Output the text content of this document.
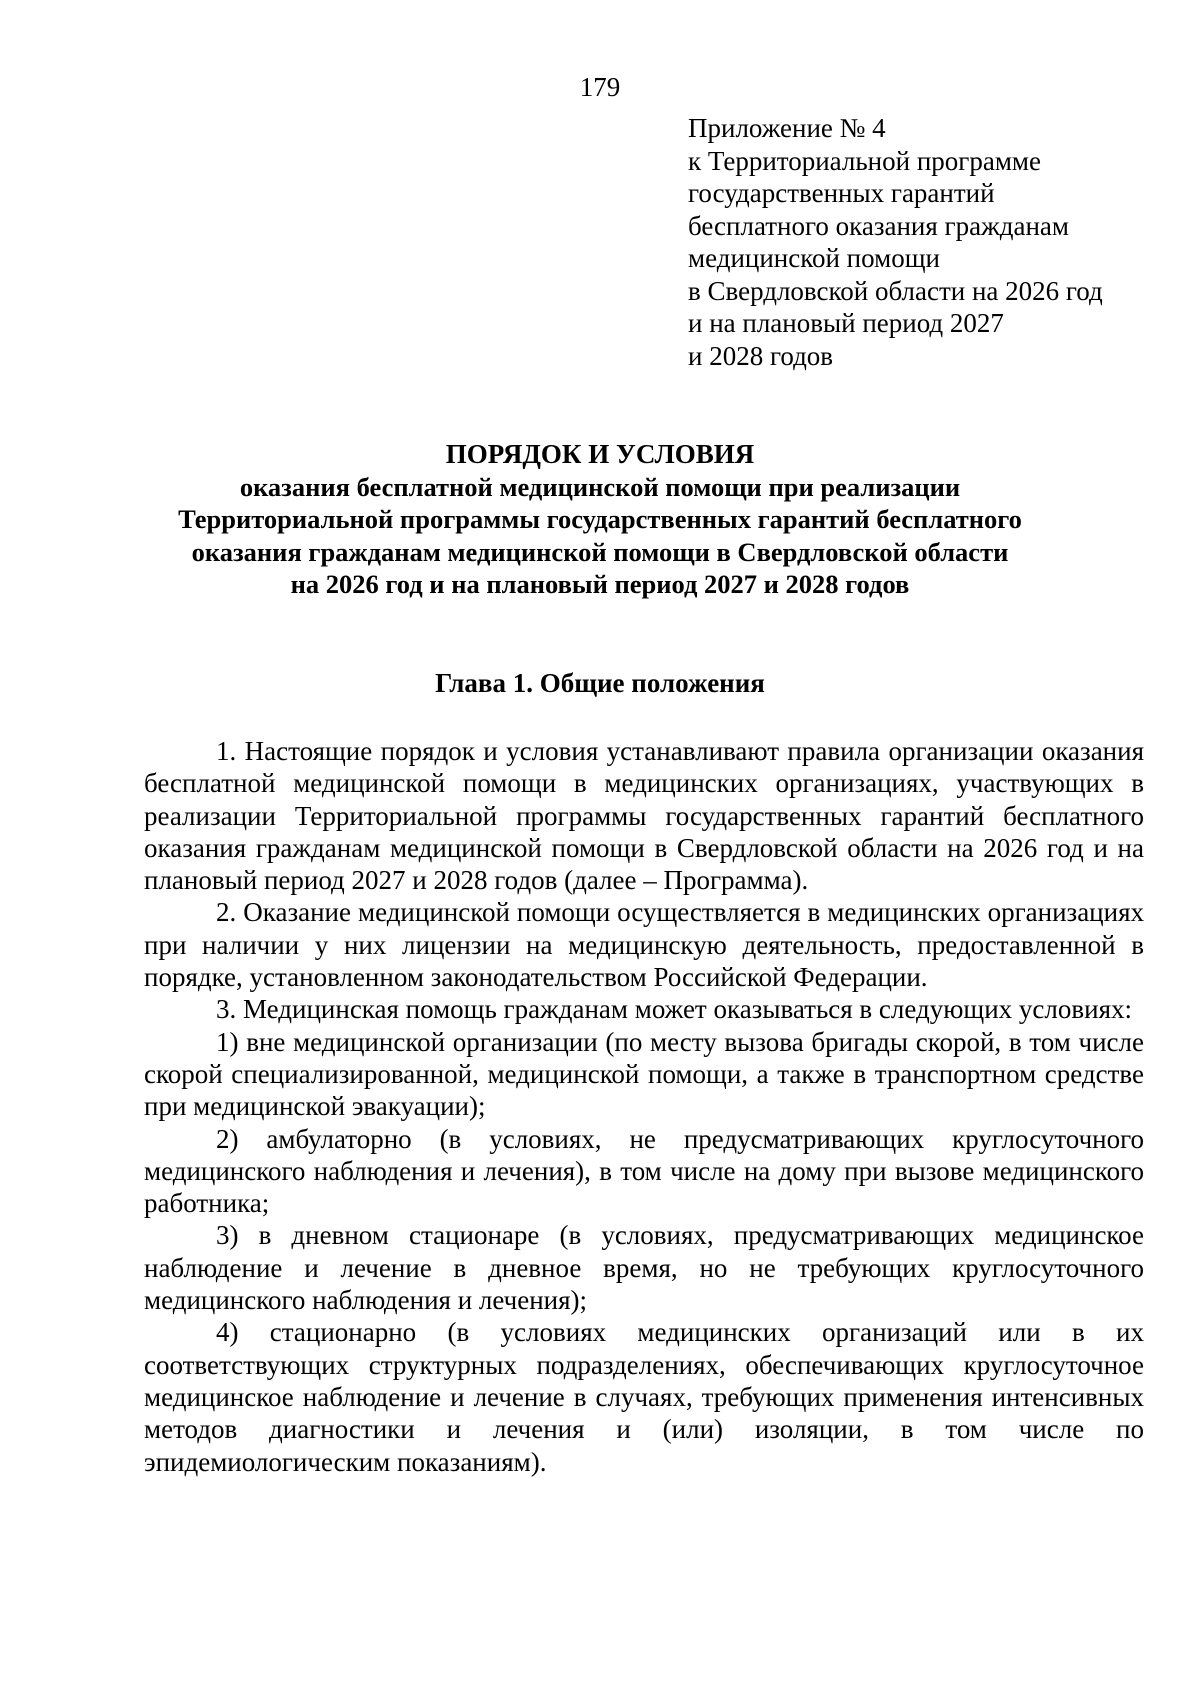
179
Приложение № 4
к Территориальной программе
государственных гарантий
бесплатного оказания гражданам
медицинской помощи
в Свердловской области на 2026 год
и на плановый период 2027
и 2028 годов
ПОРЯДОК И УСЛОВИЯ
оказания бесплатной медицинской помощи при реализации
Территориальной программы государственных гарантий бесплатного
оказания гражданам медицинской помощи в Свердловской области
на 2026 год и на плановый период 2027 и 2028 годов
Глава 1. Общие положения

1. Настоящие порядок и условия устанавливают правила организации оказания бесплатной медицинской помощи в медицинских организациях, участвующих в реализации Территориальной программы государственных гарантий бесплатного оказания гражданам медицинской помощи в Свердловской области на 2026 год и на плановый период 2027 и 2028 годов (далее – Программа).

2. Оказание медицинской помощи осуществляется в медицинских организациях при наличии у них лицензии на медицинскую деятельность, предоставленной в порядке, установленном законодательством Российской Федерации.

3. Медицинская помощь гражданам может оказываться в следующих условиях:

1) вне медицинской организации (по месту вызова бригады скорой, в том числе скорой специализированной, медицинской помощи, а также в транспортном средстве при медицинской эвакуации);

2) амбулаторно (в условиях, не предусматривающих круглосуточного медицинского наблюдения и лечения), в том числе на дому при вызове медицинского работника;

3) в дневном стационаре (в условиях, предусматривающих медицинское наблюдение и лечение в дневное время, но не требующих круглосуточного медицинского наблюдения и лечения);

4) стационарно (в условиях медицинских организаций или в их соответствующих структурных подразделениях, обеспечивающих круглосуточное медицинское наблюдение и лечение в случаях, требующих применения интенсивных методов диагностики и лечения и (или) изоляции, в том числе по эпидемиологическим показаниям).
